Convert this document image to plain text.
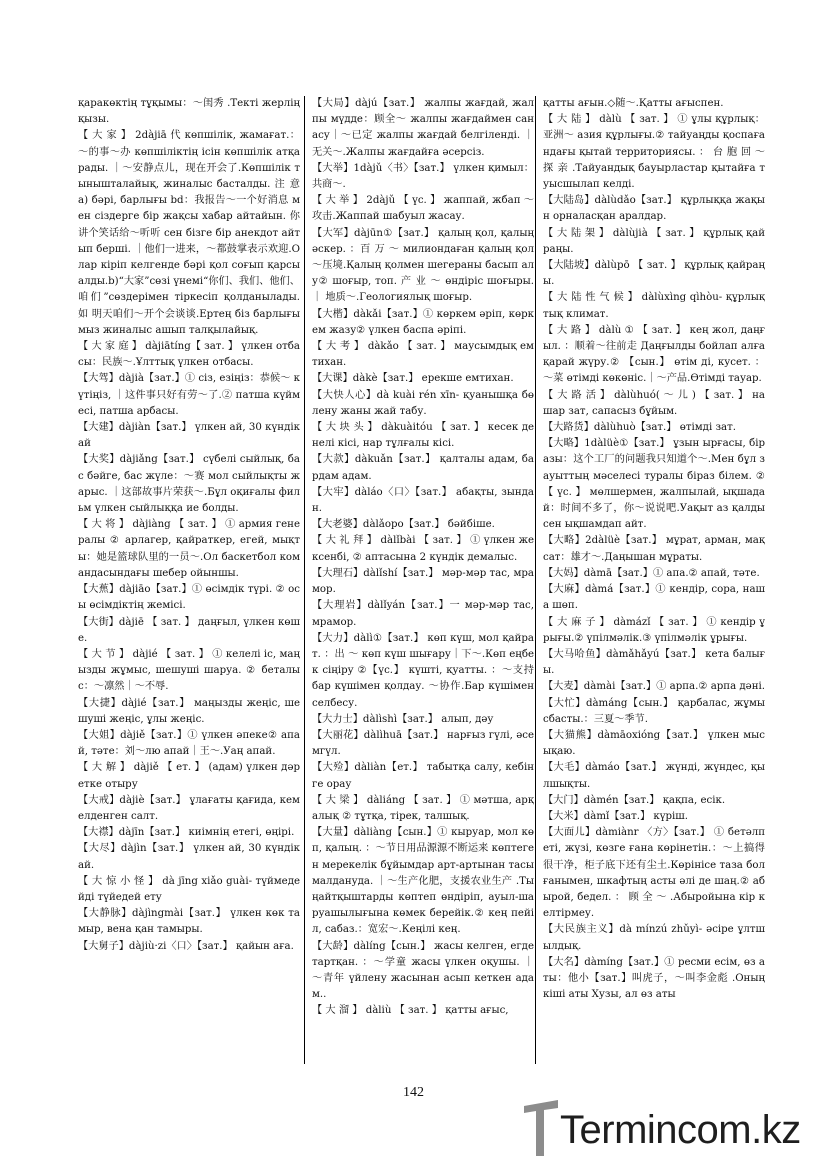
қаракөктің тұқымы：～闺秀 .Текті жерлің қызы.

【 大 家 】 2dàjiā 代 көпшілік, жамағат.：～的事～办 көпшіліктің ісін көпшілік атқарады. ｜～安静点儿，现在开会了.Көпшілік тынышталайық, жиналыс басталды. 注 意 a) бәрі, барлығы bd：我报告～一个好消息 мен сіздерге бір жақсы хабар айтайын. 你讲个笑话给～听听 сен бізге бір анекдот айтып берші. ｜他们一进来，～都鼓掌表示欢迎.Олар кіріп келгенде бәрі қол соғып қарсы алды.b)“大家”сөзі үнемі“你们、我们、他们、咱们”сөздерімен тіркесіп қолданылады. 如 明天咱们～开个会谈谈.Ертең біз барлығымыз жиналыс ашып талқылайық.

【 大 家 庭 】 dàjiātíng【 зат. 】 үлкен отбасы：民族～.Ұлттық үлкен отбасы.

【大驾】dàjià【зат.】① сіз, езіңіз：恭候～ күтіңіз, ｜这件事只好有劳～了.② патша күймесі, патша арбасы.

【大建】dàjiàn【зат.】 үлкен ай, 30 күндік ай

【大奖】dàjiǎng【зат.】 сүбелі сыйлық, бас бәйге, бас жүле：～赛 мол сыйлықты жарыс. ｜这部故事片荣获～.Бұл оқиғалы фильм үлкен сыйлыққа ие болды.

【 大 将 】 dàjiàng 【 зат. 】 ① армия генералы ② арлагер, қайраткер, егей, мықты：她是篮球队里的一员～.Ол баскетбол командасындағы шебер ойыншы.

【大蕉】dàjiāo【зат.】① өсімдік түрі. ② осы өсімдіктің жемісі.

【大街】dàjiē 【 зат. 】 даңғыл, үлкен көше.

【 大 节 】 dàjié 【 зат. 】 ① келелі іс, маңызды жұмыс, шешуші шаруа. ② беталыс：～凛然｜～不辱.

【大捷】dàjié【зат.】 маңызды жеңіс, шешуші жеңіс, ұлы жеңіс.

【大姐】dàjiě【зат.】① үлкен әпеке② апай, тәте：刘～лю апай｜王～.Уаң апай.

【 大 解 】 dàjiě 【 ет. 】 (адам) үлкен дәретке отыру

【大戒】dàjiè【зат.】 ұлағаты қағида, кемелденген салт.

【大襟】dàjīn【зат.】 киімнің етегі, өңірі.

【大尽】dàjìn【зат.】 үлкен ай, 30 күндік ай.

【 大 惊 小 怪 】 dà jīng xiǎo guài- түймедейді түйедей ету

【大静脉】dàjìngmài【зат.】 үлкен көк тамыр, вена қан тамыры.

【大舅子】dàjiù·zi〈口〉【зат.】 қайын аға.

【大局】dàjú【зат.】 жалпы жағдай, жалпы мүдде：顾全～ жалпы жағдаймен санасу｜～已定 жалпы жағдай белгіленді. ｜无关～.Жалпы жағдайға әсерсіз.

【大举】1dàjǔ〈书〉【зат.】 үлкен қимыл：共商～.

【 大 举 】 2dàjǔ 【 үс. 】 жаппай, жбап ～攻击.Жаппай шабуыл жасау.

【大军】dàjūn①【зат.】 қалың қол, қалың әскер. ：百 万 ～ милиондаған қалың қол ～压境.Қалың қолмен шегераны басып алу② шоғыр, топ. 产 业 ～ өндіріс шоғыры. ｜ 地质～.Геологиялық шоғыр.

【大楷】dàkǎi【зат.】① көркем әріп, көркем жазу② үлкен баспа әріпі.

【 大 考 】 dàkǎo 【 зат. 】 маусымдық емтихан.

【大课】dàkè【зат.】 ерекше емтихан.

【大快人心】dà kuài rén xīn- қуанышқа бөлену жаны жай табу.

【 大 块 头 】 dàkuàitóu 【 зат. 】 кесек денелі кісі, нар тұлғалы кісі.

【大款】dàkuǎn【зат.】 қалталы адам, бардам адам.

【大牢】dàláo〈口〉【зат.】 абақты, зындан.

【大老婆】dàlǎopo【зат.】 бәйбіше.

【 大 礼 拜 】 dàlǐbài 【 зат. 】 ① үлкен жексенбі, ② аптасына 2 күндік демалыс.

【大理石】dàlǐshí【зат.】 мәр-мәр тас, мрамор.

【大理岩】dàlǐyán【зат.】一 мәр-мәр тас, мрамор.

【大力】dàlì①【зат.】 көп күш, мол қайрат. ：出 ～ көп күш шығару｜下～.Көп еңбек сіңіру ②【үс.】 күшті, қуатты. ：～支持 бар күшімен қолдау. ～协作.Бар күшімен селбесу.

【大力士】dàlìshì【зат.】 алып, дәу

【大丽花】dàlìhuā【зат.】 нарғыз гүлі, әсемгүл.

【大殓】dàliàn【ет.】 табытқа салу, кебінге орау

【 大 梁 】 dàliáng 【 зат. 】 ① мәтша, арқалық ② тұтқа, тірек, талшық.

【大量】dàliàng【сын.】① кыруар, мол көп, қалың. ：～节日用品源源不断运来 көптеген мерекелік бұйымдар арт-артынан тасымалдануда. ｜～生产化肥，支援农业生产 .Тыңайтқыштарды көптеп өндіріп, ауыл-шаруашылығына көмек берейік.② кең пейіл, сабаз.：宽宏～.Кеңілі кең.

【大龄】dàlíng【сын.】 жасы келген, егде тартқан. ：～学童 жасы үлкен оқушы. ｜～青年 үйлену жасынан асып кеткен адам..

【 大 溜 】 dàliù 【 зат. 】 қатты ағыс,

қатты ағын.◇随～.Қатты ағыспен.

【 大 陆 】 dàlù 【 зат. 】 ① ұлы құрлық：亚洲～ азия құрлығы.② тайуаңды қоспағандағы қытай территориясы. ： 台 胞 回 ～ 探 亲 .Тайуандық бауырластар қытайға туысшылап келді.

【大陆岛】dàlùdǎo【зат.】 құрлыққа жақын орналасқан аралдар.

【 大 陆 架 】 dàlùjià 【 зат. 】 құрлық қайраңы.

【大陆坡】dàlùpō 【 зат. 】 құрлық қайраңы.

【 大 陆 性 气 候 】 dàlùxìng qìhòu- құрлықтық климат.

【 大 路 】 dàlù ① 【 зат. 】 кең жол, даңғыл. ：顺着～往前走 Даңғылды бойлап алға қарай жүру.② 【сын.】 өтім ді, кусет. ：～菜 өтімді көкөніс.｜～产品.Өтімді тауар.

【 大 路 活 】 dàlùhuó( ～ 儿 ) 【 зат. 】 нашар зат, сапасыз бұйым.

【大路货】dàlùhuò【зат.】 өтімді зат.

【大略】1dàlüè①【зат.】 ұзын ырғасы, біразы：这个工厂的问题我只知道个～.Мен бұл зауыттың мәселесі туралы біраз білем. ② 【 үс. 】 мөлшермен, жалпылай, ықшадай：时间不多了，你～说说吧.Уақыт аз қалды сен ықшамдап айт.

【大略】2dàlüè【зат.】 мұрат, арман, мақсат：雄才～.Даңышан мұраты.

【大妈】dàmā【зат.】① апа.② апай, тәте.

【大麻】dàmá【зат.】① кендір, сора, наша шөп.

【 大 麻 子 】 dàmázǐ 【 зат. 】 ① кендір ұрығы.② үпілмәлік.③ үпілмәлік ұрығы.

【大马哈鱼】dàmǎhǎyú【зат.】 кета балығы.

【大麦】dàmài【зат.】① арпа.② арпа дәні.

【大忙】dàmáng【сын.】 қарбалас, жұмысбасты.：三夏～季节.

【大猫熊】dàmāoxióng【зат.】 үлкен мысықаю.

【大毛】dàmáo【зат.】 жүнді, жүндес, қылшықты.

【大门】dàmén【зат.】 қақпа, есік.

【大米】dàmǐ【зат.】 күріш.

【大面儿】dàmiànr 〈方〉【зат.】 ① бетәлпеті, жүзі, көзге ғана көрінетін.：～上搞得很干净，柜子底下还有尘土.Көрінісе таза болғанымен, шкафтың асты әлі де шаң.② абырой, бедел. ： 顾 全 ～ .Абыройына кір келтірмеу.

【大民族主义】dà mínzú zhǔyì- әсіре ұлтшылдық.

【大名】dàmíng【зат.】① ресми есім, өз аты：他小【зат.】叫虎子，～叫李金彪 .Оның кіші аты Хузы, ал өз аты

142
Termincom.kz
